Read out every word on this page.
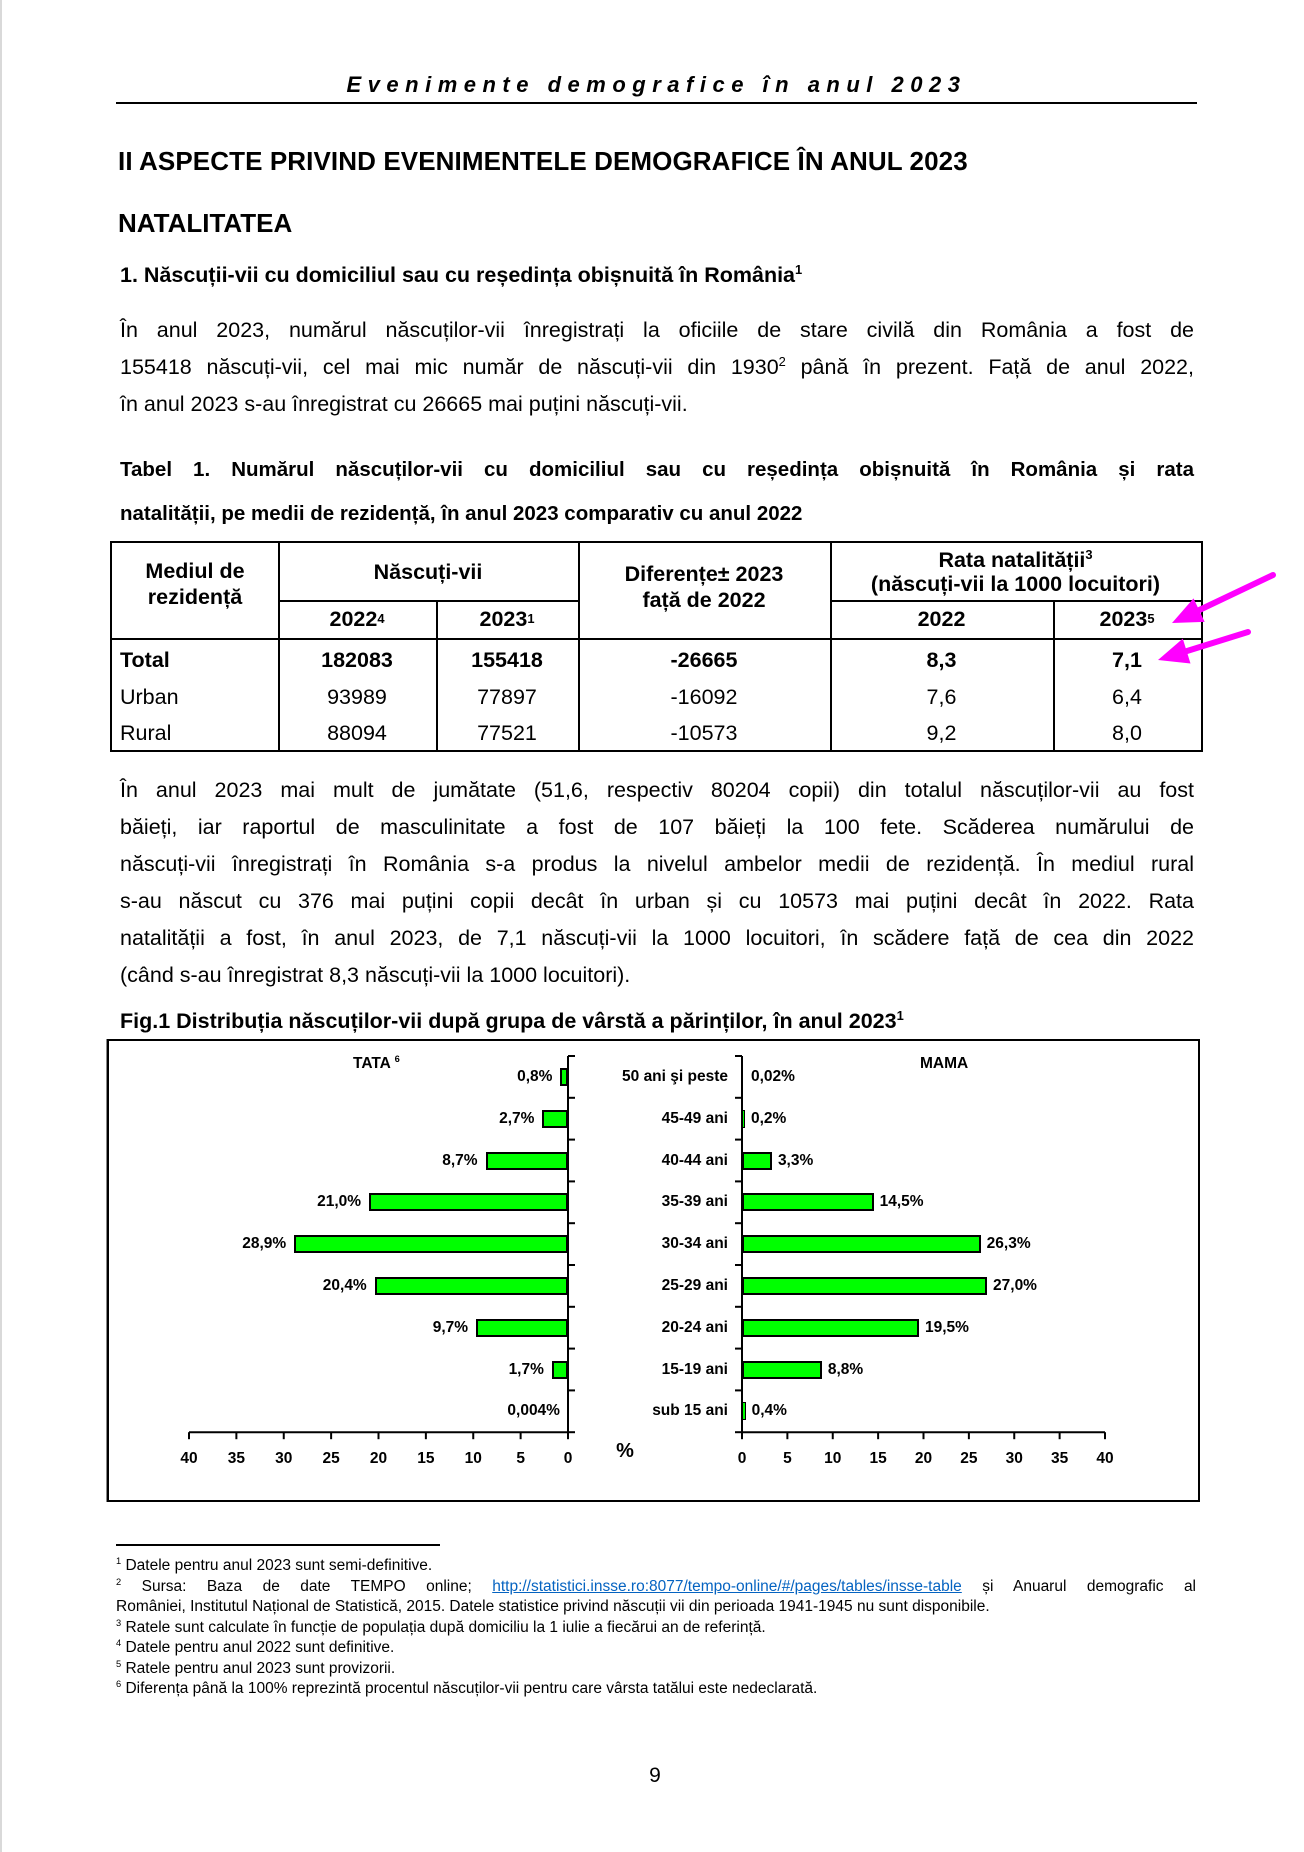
Evenimente demografice în anul 2023
II ASPECTE PRIVIND EVENIMENTELE DEMOGRAFICE ÎN ANUL 2023
NATALITATEA
1. Născuții-vii cu domiciliul sau cu reședința obișnuită în România$^1$
În anul 2023, numărul născuților-vii înregistrați la oficiile de stare civilă din România a fost de
155418 născuți-vii, cel mai mic număr de născuți-vii din 1930$^2$ până în prezent. Față de anul 2022,
în anul 2023 s-au înregistrat cu 26665 mai puțini născuți-vii.
Tabel 1. Numărul născuților-vii cu domiciliul sau cu reședința obișnuită în România și rata
natalității, pe medii de rezidență, în anul 2023 comparativ cu anul 2022
Mediul de rezidență
Născuți-vii
2022 4	2023 1
Diferențe± 2023 față de 2022
Rata natalității$^3$
(născuți-vii la 1000 locuitori)
2022	2023 5
Total	182083	155418	-26665	8,3	7,1
Urban	93989	77897	-16092	7,6	6,4
Rural	88094	77521	-10573	9,2	8,0
În anul 2023 mai mult de jumătate (51,6, respectiv 80204 copii) din totalul născuților-vii au fost
băieți, iar raportul de masculinitate a fost de 107 băieți la 100 fete. Scăderea numărului de
născuți-vii înregistrați în România s-a produs la nivelul ambelor medii de rezidență. În mediul rural
s-au născut cu 376 mai puțini copii decât în urban și cu 10573 mai puțini decât în 2022. Rata
natalității a fost, în anul 2023, de 7,1 născuți-vii la 1000 locuitori, în scădere față de cea din 2022
(când s-au înregistrat 8,3 născuți-vii la 1000 locuitori).
Fig.1 Distribuția născuților-vii după grupa de vârstă a părinților, în anul 2023$^1$
TATA $^6$	MAMA
%
40	35	30	25	20	15	10	5	0	0	5	10	15	20	25	30	35	40
50 ani şi peste
0,8%	0,02%
45-49 ani
2,7%	0,2%
40-44 ani
8,7%	3,3%
35-39 ani
21,0%	14,5%
30-34 ani
28,9%	26,3%
25-29 ani
20,4%	27,0%
20-24 ani
9,7%	19,5%
15-19 ani
1,7%	8,8%
sub 15 ani
0,004%	0,4%
$^1$ Datele pentru anul 2023 sunt semi-definitive.
$^2$ Sursa: Baza de date TEMPO online; http://statistici.insse.ro:8077/tempo-online/#/pages/tables/insse-table și Anuarul demografic al
României, Institutul Național de Statistică, 2015. Datele statistice privind născuții vii din perioada 1941-1945 nu sunt disponibile.
$^3$ Ratele sunt calculate în funcție de populația după domiciliu la 1 iulie a fiecărui an de referință.
$^4$ Datele pentru anul 2022 sunt definitive.
$^5$ Ratele pentru anul 2023 sunt provizorii.
$^6$ Diferența până la 100% reprezintă procentul născuților-vii pentru care vârsta tatălui este nedeclarată.
9
